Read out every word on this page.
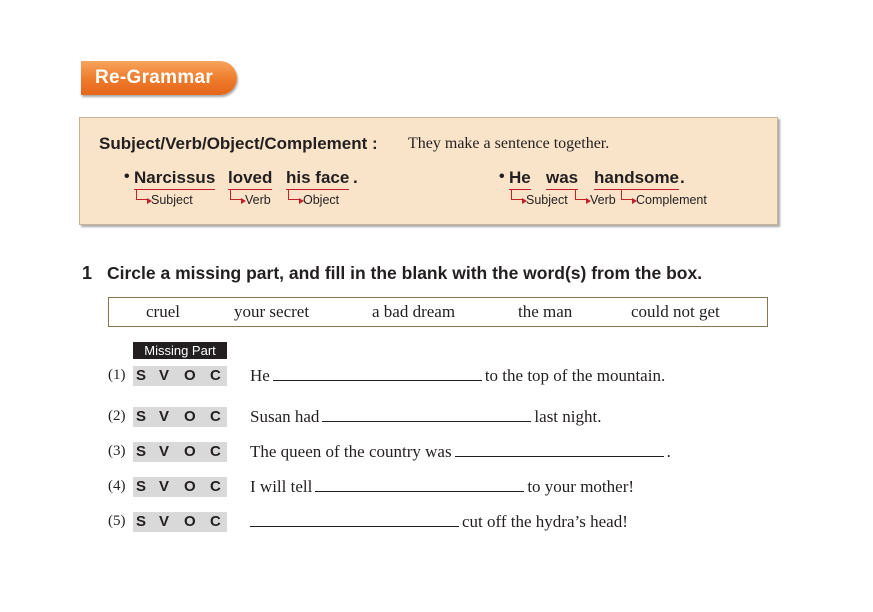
Re-Grammar
Subject/Verb/Object/Complement : They make a sentence together.
• Narcissus loved his face .
Subject	Verb	Object
• He was handsome .
Subject	Verb	Complement
1 Circle a missing part, and fill in the blank with the word(s) from the box.
cruel	your secret	a bad dream	the man	could not get
Missing Part
(1) S V O C He	to the top of the mountain.
(2) S V O C Susan had	last night.
(3) S V O C The queen of the country was	.
(4) S V O C I will tell	to your mother!
(5) S V O C	cut off the hydra’s head!
